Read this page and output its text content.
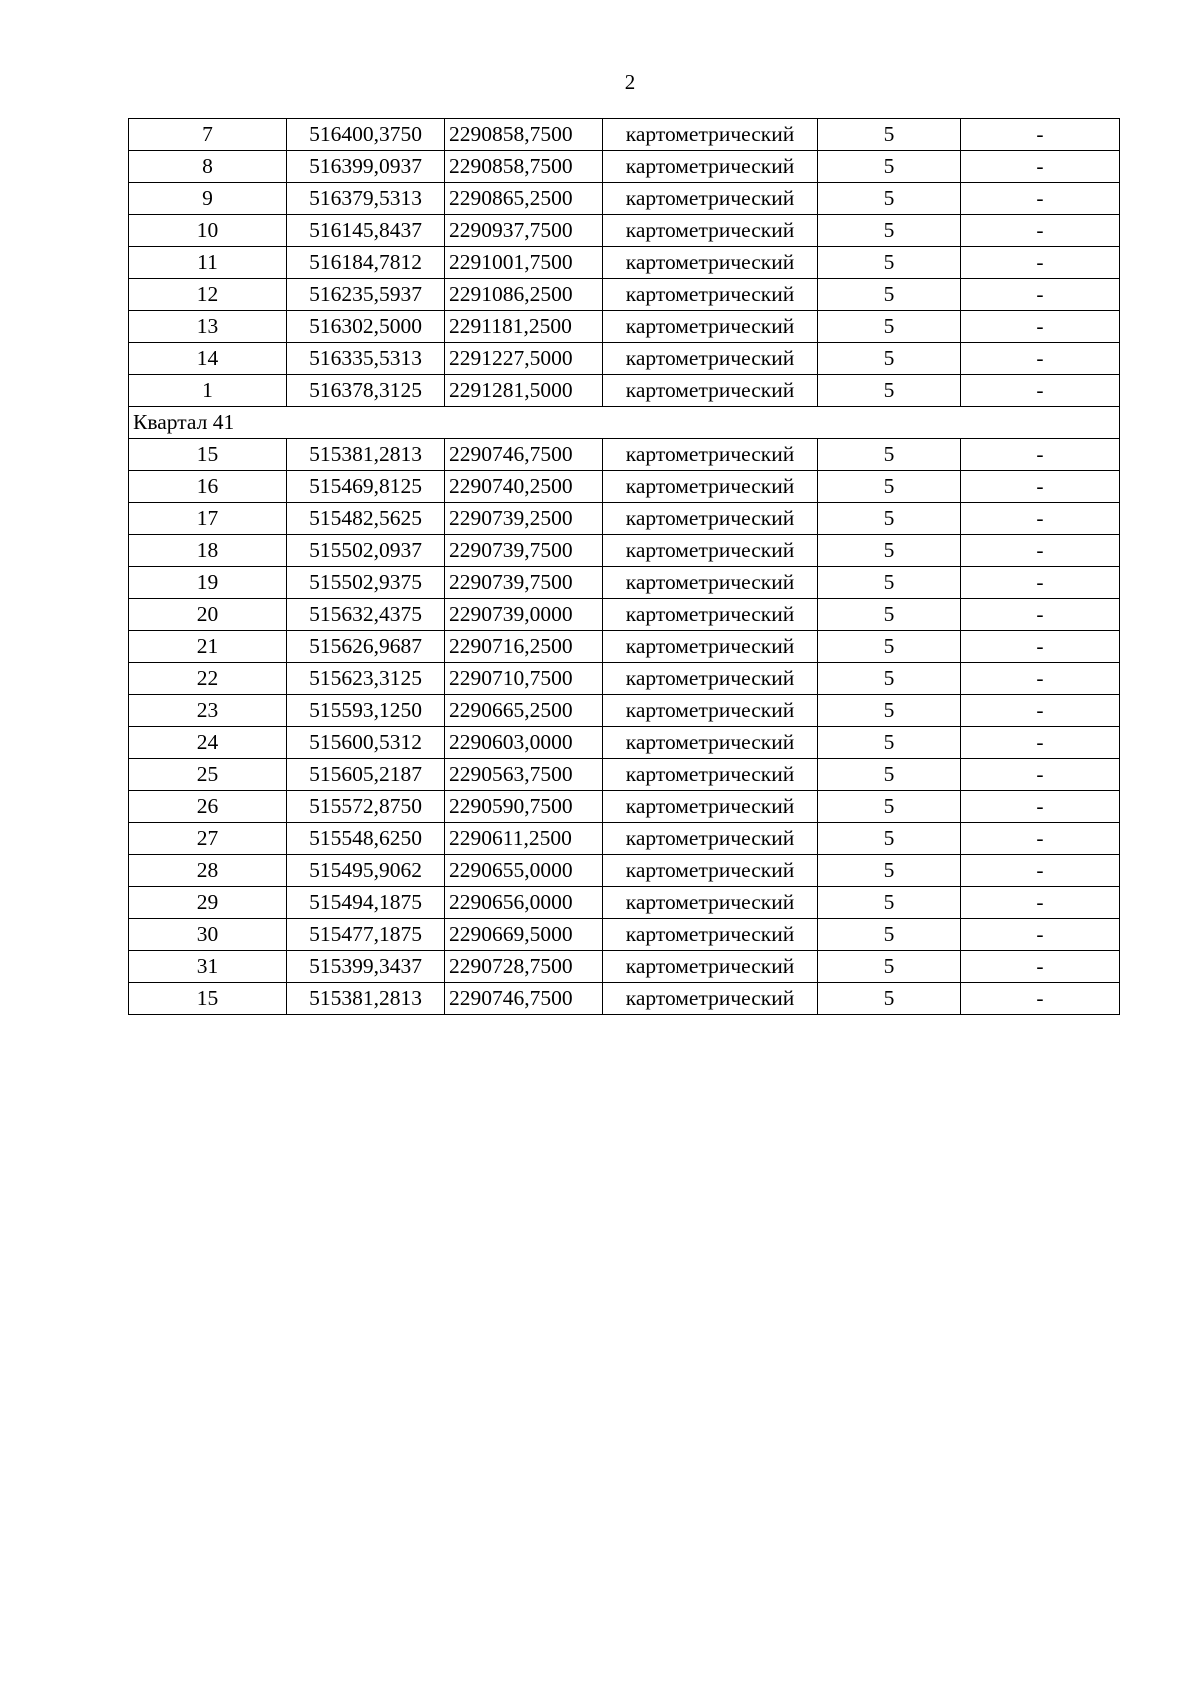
2
7	516400,3750	2290858,7500	картометрический	5	-
8	516399,0937	2290858,7500	картометрический	5	-
9	516379,5313	2290865,2500	картометрический	5	-
10	516145,8437	2290937,7500	картометрический	5	-
11	516184,7812	2291001,7500	картометрический	5	-
12	516235,5937	2291086,2500	картометрический	5	-
13	516302,5000	2291181,2500	картометрический	5	-
14	516335,5313	2291227,5000	картометрический	5	-
1	516378,3125	2291281,5000	картометрический	5	-
Квартал 41					
15	515381,2813	2290746,7500	картометрический	5	-
16	515469,8125	2290740,2500	картометрический	5	-
17	515482,5625	2290739,2500	картометрический	5	-
18	515502,0937	2290739,7500	картометрический	5	-
19	515502,9375	2290739,7500	картометрический	5	-
20	515632,4375	2290739,0000	картометрический	5	-
21	515626,9687	2290716,2500	картометрический	5	-
22	515623,3125	2290710,7500	картометрический	5	-
23	515593,1250	2290665,2500	картометрический	5	-
24	515600,5312	2290603,0000	картометрический	5	-
25	515605,2187	2290563,7500	картометрический	5	-
26	515572,8750	2290590,7500	картометрический	5	-
27	515548,6250	2290611,2500	картометрический	5	-
28	515495,9062	2290655,0000	картометрический	5	-
29	515494,1875	2290656,0000	картометрический	5	-
30	515477,1875	2290669,5000	картометрический	5	-
31	515399,3437	2290728,7500	картометрический	5	-
15	515381,2813	2290746,7500	картометрический	5	-
